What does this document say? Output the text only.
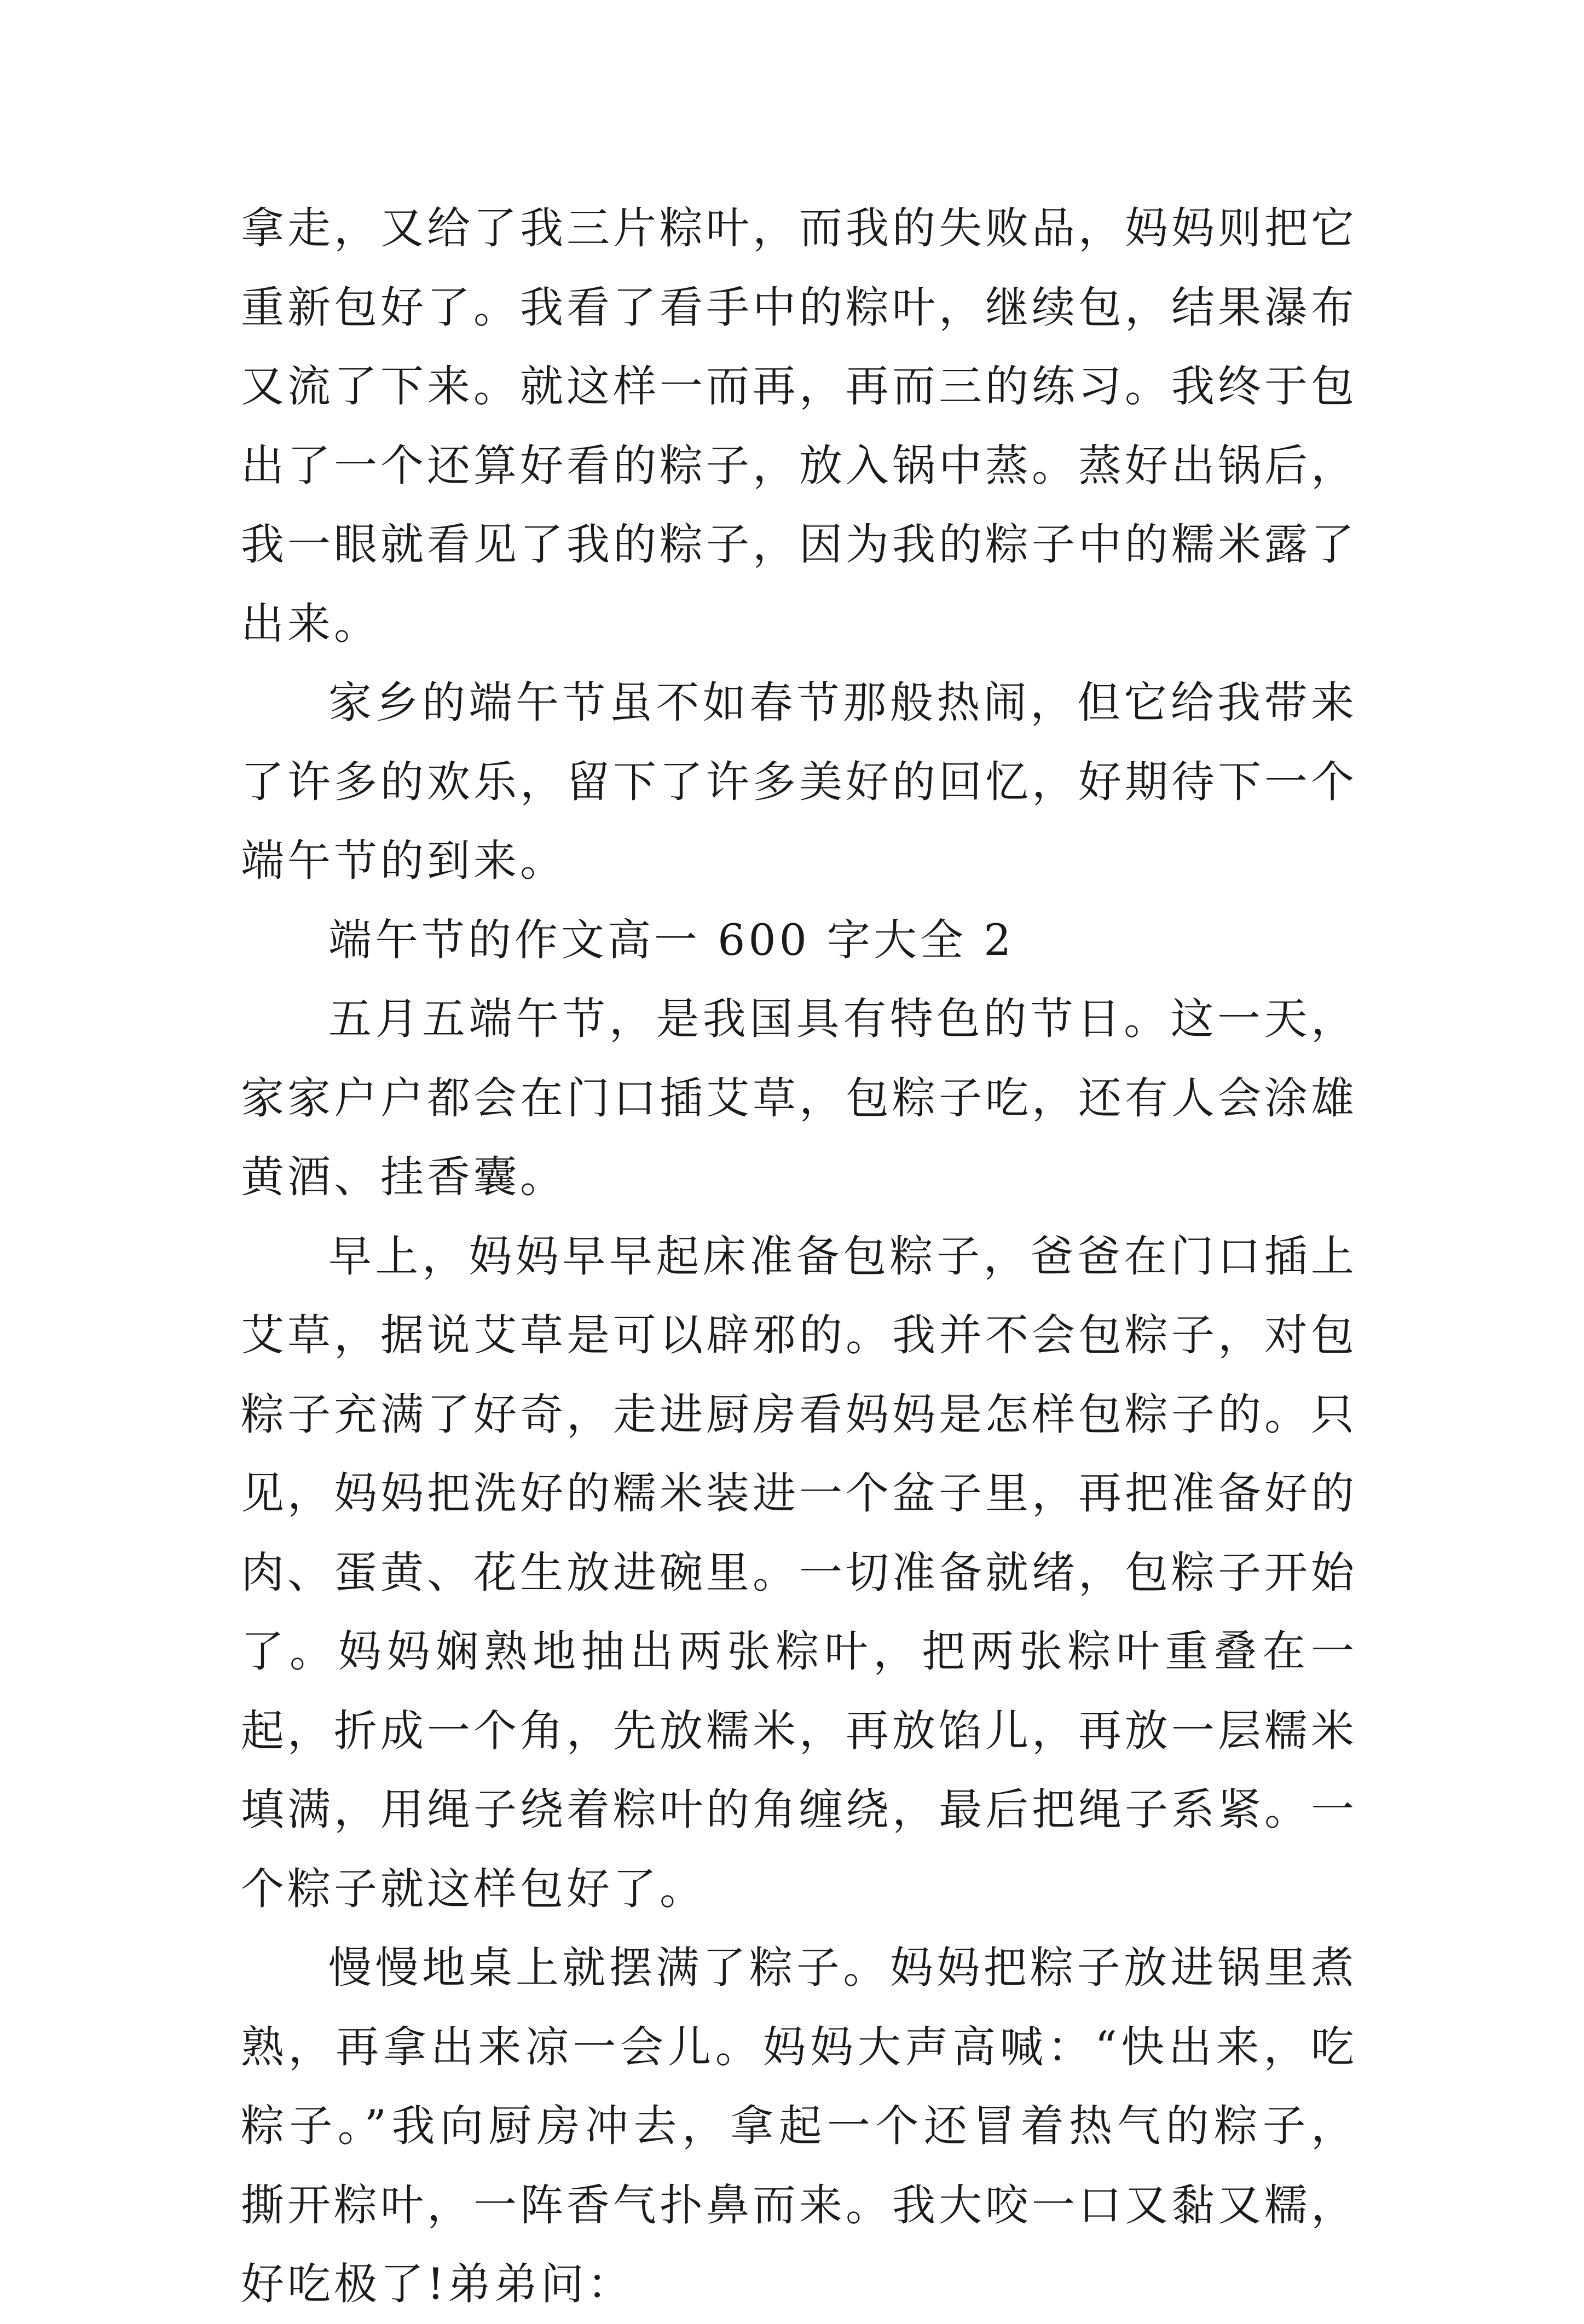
拿走，又给了我三片粽叶，而我的失败品，妈妈则把它重新包好了。我看了看手中的粽叶，继续包，结果瀑布又流了下来。就这样一而再，再而三的练习。我终于包出了一个还算好看的粽子，放入锅中蒸。蒸好出锅后，我一眼就看见了我的粽子，因为我的粽子中的糯米露了出来。

家乡的端午节虽不如春节那般热闹，但它给我带来了许多的欢乐，留下了许多美好的回忆，好期待下一个端午节的到来。

端午节的作文高一 600 字大全 2

五月五端午节，是我国具有特色的节日。这一天，家家户户都会在门口插艾草，包粽子吃，还有人会涂雄黄酒、挂香囊。

早上，妈妈早早起床准备包粽子，爸爸在门口插上艾草，据说艾草是可以辟邪的。我并不会包粽子，对包粽子充满了好奇，走进厨房看妈妈是怎样包粽子的。只见，妈妈把洗好的糯米装进一个盆子里，再把准备好的肉、蛋黄、花生放进碗里。一切准备就绪，包粽子开始了。妈妈娴熟地抽出两张粽叶，把两张粽叶重叠在一起，折成一个角，先放糯米，再放馅儿，再放一层糯米填满，用绳子绕着粽叶的角缠绕，最后把绳子系紧。一个粽子就这样包好了。

慢慢地桌上就摆满了粽子。妈妈把粽子放进锅里煮熟，再拿出来凉一会儿。妈妈大声高喊：“快出来，吃粽子。”我向厨房冲去，拿起一个还冒着热气的粽子，撕开粽叶，一阵香气扑鼻而来。我大咬一口又黏又糯，好吃极了!弟弟问：
